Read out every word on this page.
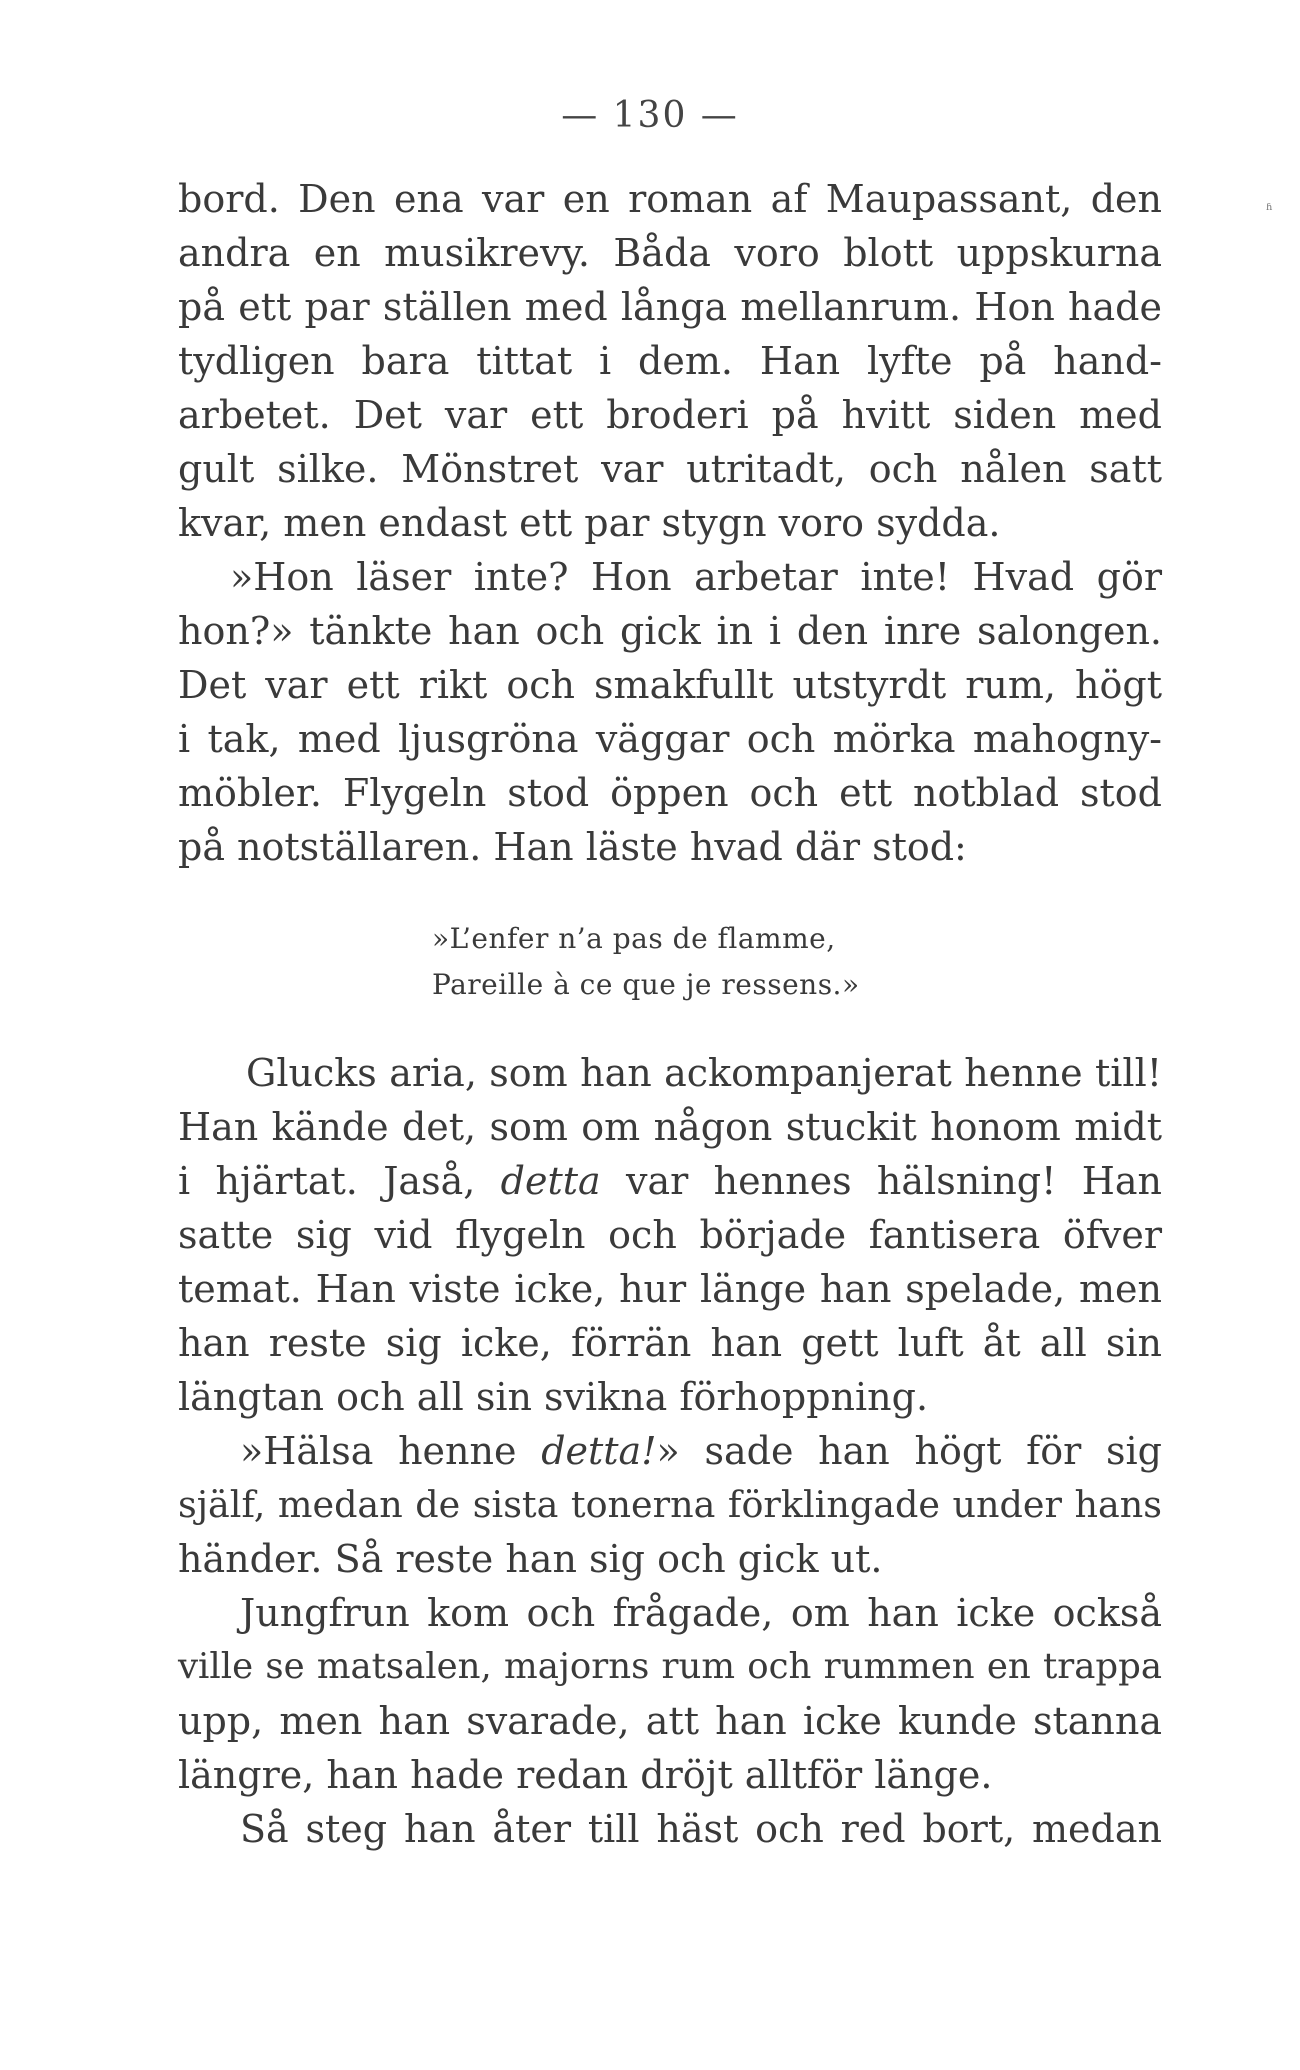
— 130 —
ʱ
bord. Den ena var en roman af Maupassant, den
andra en musikrevy. Båda voro blott uppskurna
på ett par ställen med långa mellanrum. Hon hade
tydligen bara tittat i dem. Han lyfte på hand-
arbetet. Det var ett broderi på hvitt siden med
gult silke. Mönstret var utritadt, och nålen satt
kvar, men endast ett par stygn voro sydda.
»Hon läser inte? Hon arbetar inte! Hvad gör
hon?» tänkte han och gick in i den inre salongen.
Det var ett rikt och smakfullt utstyrdt rum, högt
i tak, med ljusgröna väggar och mörka mahogny-
möbler. Flygeln stod öppen och ett notblad stod
på notställaren. Han läste hvad där stod:
»L’enfer n’a pas de flamme,
Pareille à ce que je ressens.»
Glucks aria, som han ackompanjerat henne till!
Han kände det, som om någon stuckit honom midt
i hjärtat. Jaså, detta var hennes hälsning! Han
satte sig vid flygeln och började fantisera öfver
temat. Han viste icke, hur länge han spelade, men
han reste sig icke, förrän han gett luft åt all sin
längtan och all sin svikna förhoppning.
»Hälsa henne detta!» sade han högt för sig
själf, medan de sista tonerna förklingade under hans
händer. Så reste han sig och gick ut.
Jungfrun kom och frågade, om han icke också
ville se matsalen, majorns rum och rummen en trappa
upp, men han svarade, att han icke kunde stanna
längre, han hade redan dröjt alltför länge.
Så steg han åter till häst och red bort, medan
